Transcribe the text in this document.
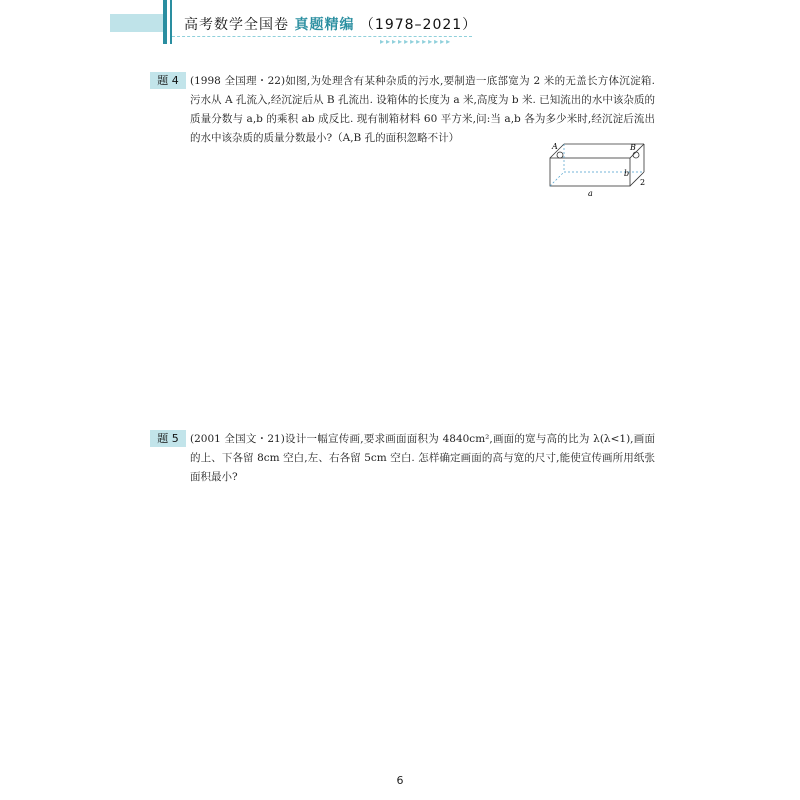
高考数学全国卷 真题精编 （1978–2021）
▸▸▸▸▸▸▸▸▸▸▸▸
题 4	(1998 全国理・22)如图,为处理含有某种杂质的污水,要制造一底部宽为 2 米的无盖长方体沉淀箱. 污水从 A 孔流入,经沉淀后从 B 孔流出. 设箱体的长度为 a 米,高度为 b 米. 已知流出的水中该杂质的质量分数与 a,b 的乘积 ab 成反比. 现有制箱材料 60 平方米,问:当 a,b 各为多少米时,经沉淀后流出的水中该杂质的质量分数最小?（A,B 孔的面积忽略不计）
A	B
b
a
2
题 5	(2001 全国文・21)设计一幅宣传画,要求画面面积为 4840cm²,画面的宽与高的比为 λ(λ<1),画面的上、下各留 8cm 空白,左、右各留 5cm 空白. 怎样确定画面的高与宽的尺寸,能使宣传画所用纸张面积最小?
6
